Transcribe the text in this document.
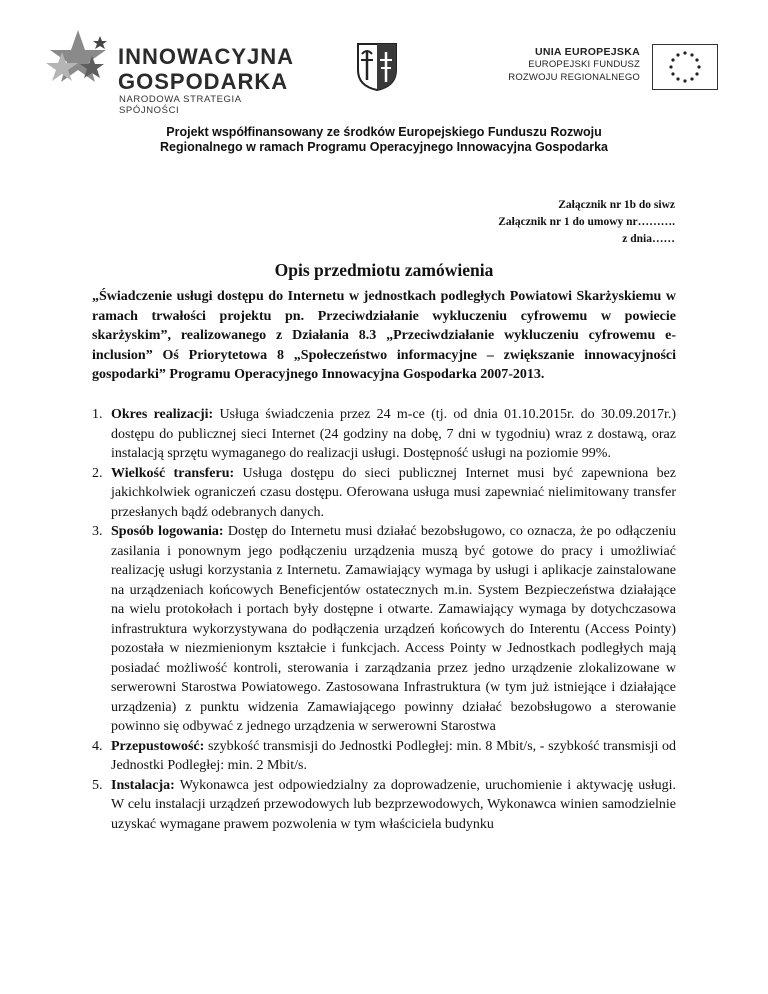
INNOWACYJNA
GOSPODARKA
NARODOWA STRATEGIA SPÓJNOŚCI
UNIA EUROPEJSKA
EUROPEJSKI FUNDUSZ
ROZWOJU REGIONALNEGO
Projekt współfinansowany ze środków Europejskiego Funduszu Rozwoju
Regionalnego w ramach Programu Operacyjnego Innowacyjna Gospodarka
Załącznik nr 1b do siwz
Załącznik nr 1 do umowy nr……….
z dnia……
Opis przedmiotu zamówienia

„Świadczenie usługi dostępu do Internetu w jednostkach podległych Powiatowi Skarżyskiemu w ramach trwałości projektu pn. Przeciwdziałanie wykluczeniu cyfrowemu w powiecie skarżyskim”, realizowanego z Działania 8.3 „Przeciwdziałanie wykluczeniu cyfrowemu e-inclusion” Oś Priorytetowa 8 „Społeczeństwo informacyjne – zwiększanie innowacyjności gospodarki” Programu Operacyjnego Innowacyjna Gospodarka 2007-2013.

1. Okres realizacji: Usługa świadczenia przez 24 m-ce (tj. od dnia 01.10.2015r. do 30.09.2017r.) dostępu do publicznej sieci Internet (24 godziny na dobę, 7 dni w tygodniu) wraz z dostawą, oraz instalacją sprzętu wymaganego do realizacji usługi. Dostępność usługi na poziomie 99%.
2. Wielkość transferu: Usługa dostępu do sieci publicznej Internet musi być zapewniona bez jakichkolwiek ograniczeń czasu dostępu. Oferowana usługa musi zapewniać nielimitowany transfer przesłanych bądź odebranych danych.
3. Sposób logowania: Dostęp do Internetu musi działać bezobsługowo, co oznacza, że po odłączeniu zasilania i ponownym jego podłączeniu urządzenia muszą być gotowe do pracy i umożliwiać realizację usługi korzystania z Internetu. Zamawiający wymaga by usługi i aplikacje zainstalowane na urządzeniach końcowych Beneficjentów ostatecznych m.in. System Bezpieczeństwa działające na wielu protokołach i portach były dostępne i otwarte. Zamawiający wymaga by dotychczasowa infrastruktura wykorzystywana do podłączenia urządzeń końcowych do Interentu (Access Pointy) pozostała w niezmienionym kształcie i funkcjach. Access Pointy w Jednostkach podległych mają posiadać możliwość kontroli, sterowania i zarządzania przez jedno urządzenie zlokalizowane w serwerowni Starostwa Powiatowego. Zastosowana Infrastruktura (w tym już istniejące i działające urządzenia) z punktu widzenia Zamawiającego powinny działać bezobsługowo a sterowanie powinno się odbywać z jednego urządzenia w serwerowni Starostwa
4. Przepustowość: szybkość transmisji do Jednostki Podległej: min. 8 Mbit/s, - szybkość transmisji od Jednostki Podległej: min. 2 Mbit/s.
5. Instalacja: Wykonawca jest odpowiedzialny za doprowadzenie, uruchomienie i aktywację usługi. W celu instalacji urządzeń przewodowych lub bezprzewodowych, Wykonawca winien samodzielnie uzyskać wymagane prawem pozwolenia w tym właściciela budynku
